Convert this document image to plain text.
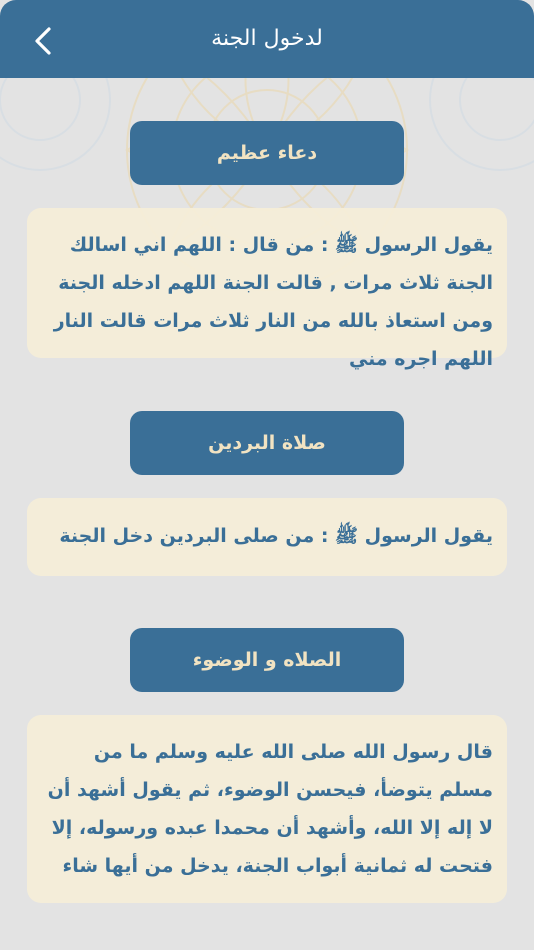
لدخول الجنة
دعاء عظيم
يقول الرسول ﷺ : من قال : اللهم اني اسالك الجنة ثلاث مرات , قالت الجنة اللهم ادخله الجنة ومن استعاذ بالله من النار ثلاث مرات قالت النار اللهم اجره مني
صلاة البردين
يقول الرسول ﷺ : من صلى البردين دخل الجنة
الصلاه و الوضوء
قال رسول الله صلى الله عليه وسلم ما من مسلم يتوضأ، فيحسن الوضوء، ثم يقول أشهد أن لا إله إلا الله، وأشهد أن محمدا عبده ورسوله، إلا فتحت له ثمانية أبواب الجنة، يدخل من أيها شاء
